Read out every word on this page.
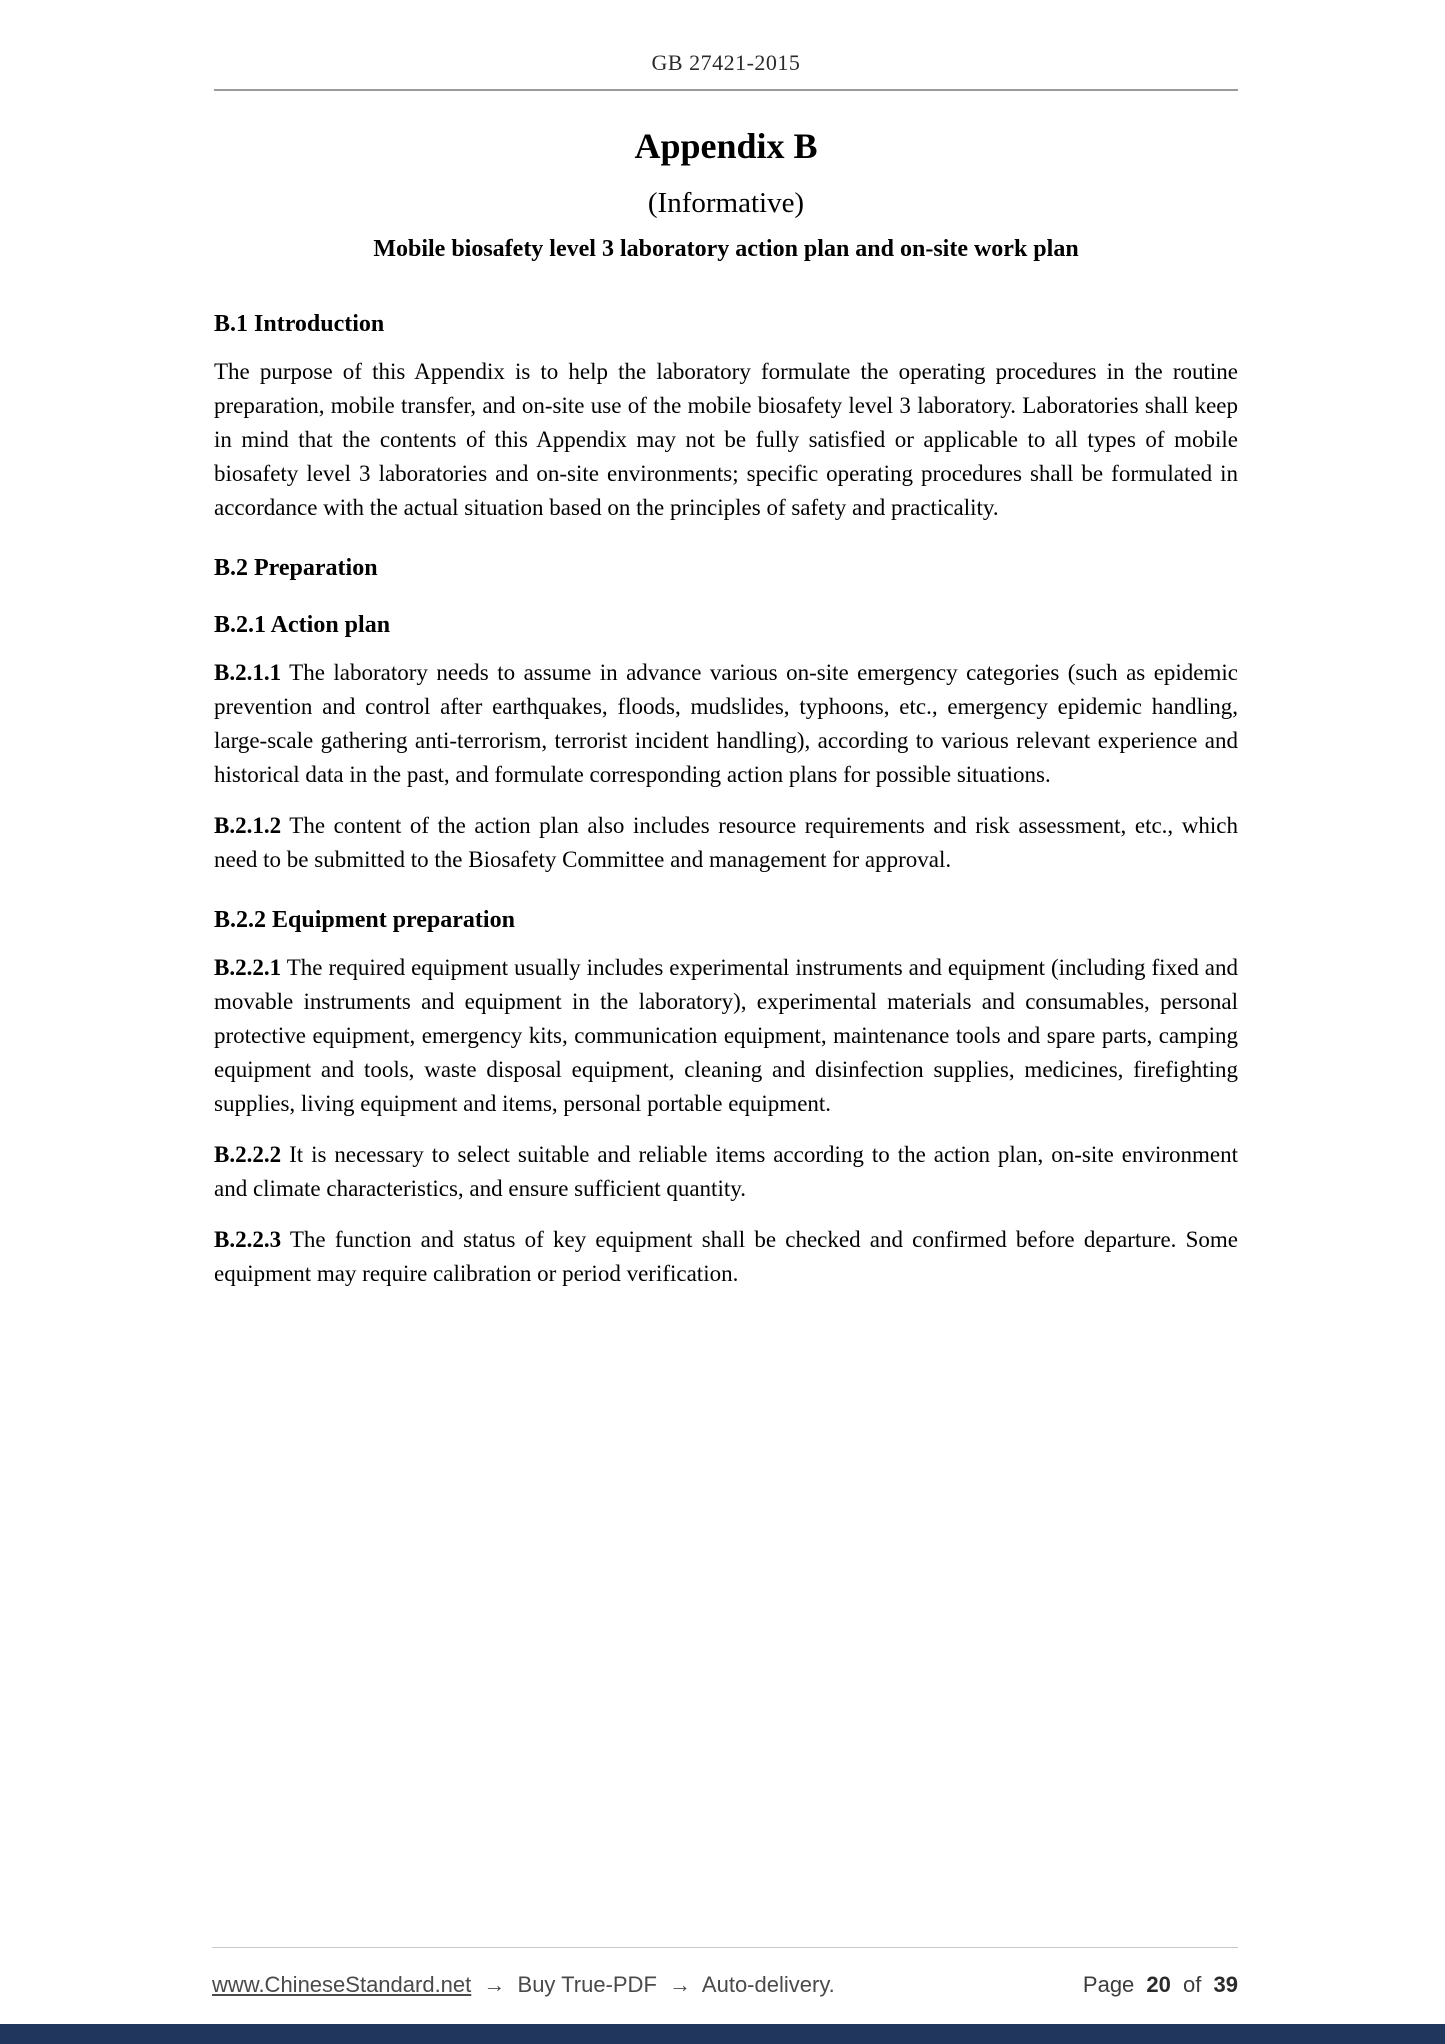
GB 27421-2015
Appendix B
(Informative)
Mobile biosafety level 3 laboratory action plan and on-site work plan
B.1 Introduction

The purpose of this Appendix is to help the laboratory formulate the operating procedures in the routine preparation, mobile transfer, and on-site use of the mobile biosafety level 3 laboratory. Laboratories shall keep in mind that the contents of this Appendix may not be fully satisfied or applicable to all types of mobile biosafety level 3 laboratories and on-site environments; specific operating procedures shall be formulated in accordance with the actual situation based on the principles of safety and practicality.

B.2 Preparation
B.2.1 Action plan

B.2.1.1 The laboratory needs to assume in advance various on-site emergency categories (such as epidemic prevention and control after earthquakes, floods, mudslides, typhoons, etc., emergency epidemic handling, large-scale gathering anti-terrorism, terrorist incident handling), according to various relevant experience and historical data in the past, and formulate corresponding action plans for possible situations.

B.2.1.2 The content of the action plan also includes resource requirements and risk assessment, etc., which need to be submitted to the Biosafety Committee and management for approval.

B.2.2 Equipment preparation

B.2.2.1 The required equipment usually includes experimental instruments and equipment (including fixed and movable instruments and equipment in the laboratory), experimental materials and consumables, personal protective equipment, emergency kits, communication equipment, maintenance tools and spare parts, camping equipment and tools, waste disposal equipment, cleaning and disinfection supplies, medicines, firefighting supplies, living equipment and items, personal portable equipment.

B.2.2.2 It is necessary to select suitable and reliable items according to the action plan, on-site environment and climate characteristics, and ensure sufficient quantity.

B.2.2.3 The function and status of key equipment shall be checked and confirmed before departure. Some equipment may require calibration or period verification.

www.ChineseStandard.net → Buy True-PDF → Auto-delivery.	Page 20 of 39
